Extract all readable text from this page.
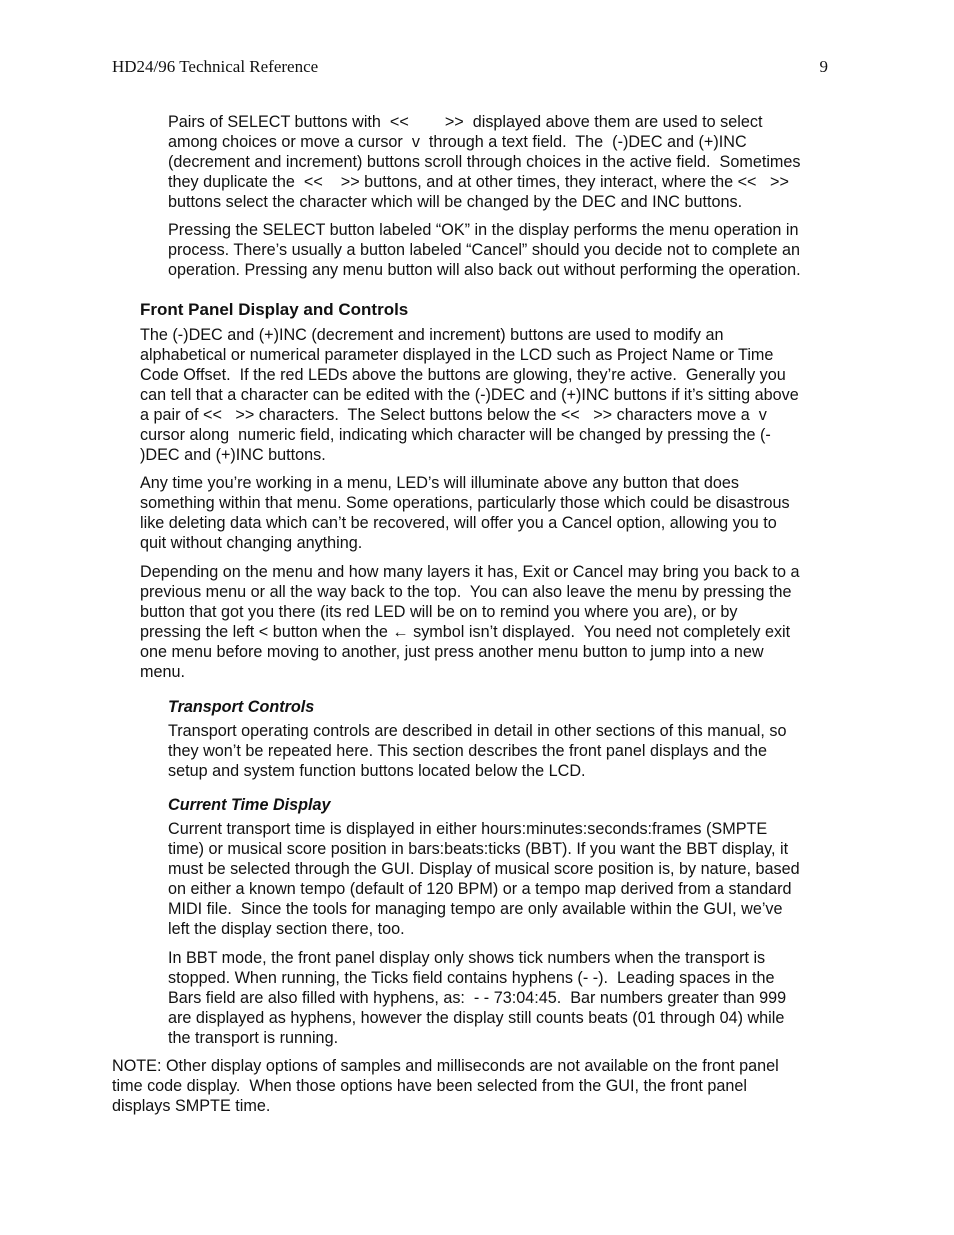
HD24/96 Technical Reference	9

Pairs of SELECT buttons with  <<        >>  displayed above them are used to select
among choices or move a cursor  v  through a text field.  The  (-)DEC and (+)INC
(decrement and increment) buttons scroll through choices in the active field.  Sometimes
they duplicate the  <<    >> buttons, and at other times, they interact, where the <<   >>
buttons select the character which will be changed by the DEC and INC buttons.

Pressing the SELECT button labeled “OK” in the display performs the menu operation in
process. There’s usually a button labeled “Cancel” should you decide not to complete an
operation. Pressing any menu button will also back out without performing the operation.

Front Panel Display and Controls

The (-)DEC and (+)INC (decrement and increment) buttons are used to modify an
alphabetical or numerical parameter displayed in the LCD such as Project Name or Time
Code Offset.  If the red LEDs above the buttons are glowing, they’re active.  Generally you
can tell that a character can be edited with the (-)DEC and (+)INC buttons if it’s sitting above
a pair of <<   >> characters.  The Select buttons below the <<   >> characters move a  v
cursor along  numeric field, indicating which character will be changed by pressing the (-
)DEC and (+)INC buttons.

Any time you’re working in a menu, LED’s will illuminate above any button that does
something within that menu. Some operations, particularly those which could be disastrous
like deleting data which can’t be recovered, will offer you a Cancel option, allowing you to
quit without changing anything.

Depending on the menu and how many layers it has, Exit or Cancel may bring you back to a
previous menu or all the way back to the top.  You can also leave the menu by pressing the
button that got you there (its red LED will be on to remind you where you are), or by
pressing the left < button when the ← symbol isn’t displayed.  You need not completely exit
one menu before moving to another, just press another menu button to jump into a new
menu.

Transport Controls

Transport operating controls are described in detail in other sections of this manual, so
they won’t be repeated here. This section describes the front panel displays and the
setup and system function buttons located below the LCD.

Current Time Display

Current transport time is displayed in either hours:minutes:seconds:frames (SMPTE
time) or musical score position in bars:beats:ticks (BBT). If you want the BBT display, it
must be selected through the GUI. Display of musical score position is, by nature, based
on either a known tempo (default of 120 BPM) or a tempo map derived from a standard
MIDI file.  Since the tools for managing tempo are only available within the GUI, we’ve
left the display section there, too.

In BBT mode, the front panel display only shows tick numbers when the transport is
stopped. When running, the Ticks field contains hyphens (- -).  Leading spaces in the
Bars field are also filled with hyphens, as:  - - 73:04:45.  Bar numbers greater than 999
are displayed as hyphens, however the display still counts beats (01 through 04) while
the transport is running.

NOTE: Other display options of samples and milliseconds are not available on the front panel
time code display.  When those options have been selected from the GUI, the front panel
displays SMPTE time.
